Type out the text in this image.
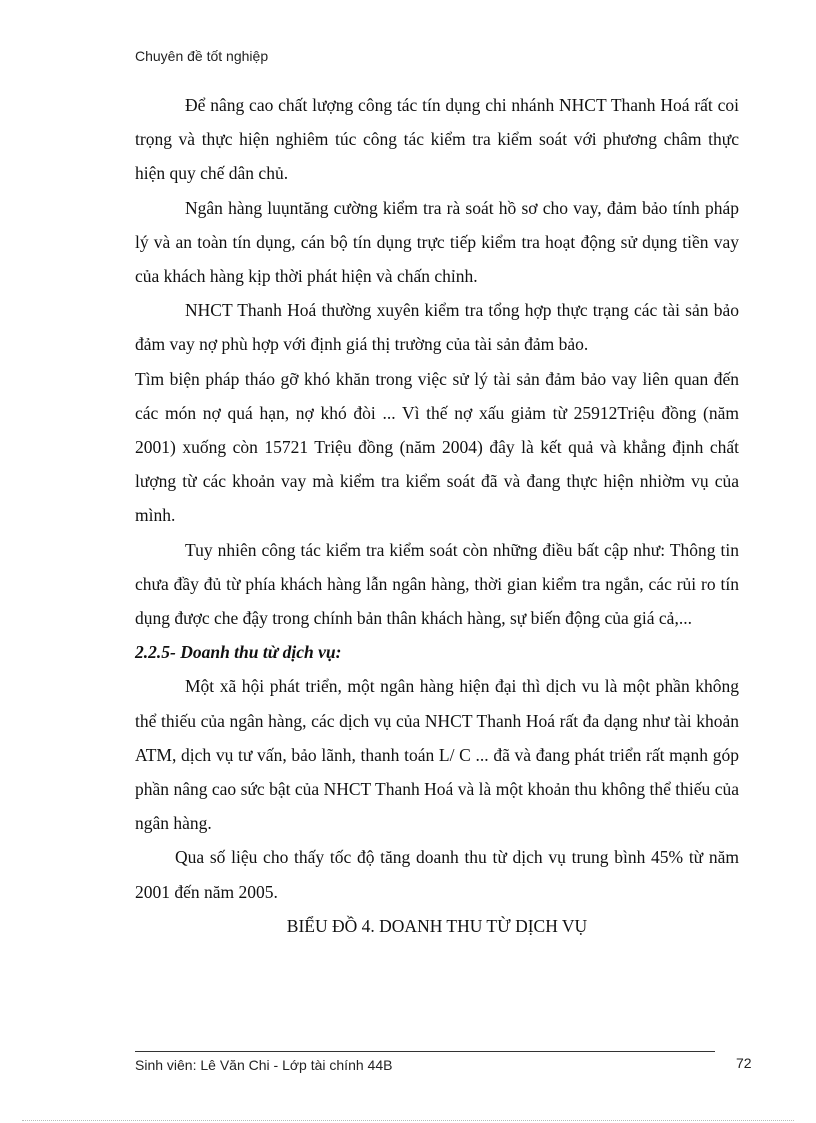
Chuyên đề tốt nghiệp

Để nâng cao chất lượng công tác tín dụng chi nhánh NHCT Thanh Hoá rất coi trọng và thực hiện nghiêm túc công tác kiểm tra kiểm soát với phương châm thực hiện quy chế dân chủ.

Ngân hàng luụntăng cường kiểm tra rà soát hồ sơ cho vay, đảm bảo tính pháp lý và an toàn tín dụng, cán bộ tín dụng trực tiếp kiểm tra hoạt động sử dụng tiền vay của khách hàng kịp thời phát hiện và chấn chỉnh.

NHCT Thanh Hoá thường xuyên kiểm tra tổng hợp thực trạng các tài sản bảo đảm vay nợ phù hợp với định giá thị trường của tài sản đảm bảo.

Tìm biện pháp tháo gỡ khó khăn trong việc sử lý tài sản đảm bảo vay liên quan đến các món nợ quá hạn, nợ khó đòi ... Vì thế nợ xấu giảm từ 25912Triệu đồng (năm 2001) xuống còn 15721 Triệu đồng (năm 2004) đây là kết quả và khẳng định chất lượng từ các khoản vay mà kiểm tra kiểm soát đã và đang thực hiện nhiờm vụ của mình.

Tuy nhiên công tác kiểm tra kiểm soát còn những điều bất cập như: Thông tin chưa đầy đủ từ phía khách hàng lẫn ngân hàng, thời gian kiểm tra ngắn, các rủi ro tín dụng được che đậy trong chính bản thân khách hàng, sự biến động của giá cả,...

2.2.5- Doanh thu từ dịch vụ:

Một xã hội phát triển, một ngân hàng hiện đại thì dịch vu là một phần không thể thiếu của ngân hàng, các dịch vụ của NHCT Thanh Hoá rất đa dạng như tài khoản ATM, dịch vụ tư vấn, bảo lãnh, thanh toán L/ C ... đã và đang phát triển rất mạnh góp phần nâng cao sức bật của NHCT Thanh Hoá và là một khoản thu không thể thiếu của ngân hàng.

Qua số liệu cho thấy tốc độ tăng doanh thu từ dịch vụ trung bình 45% từ năm 2001 đến năm 2005.

BIỂU ĐỒ 4. DOANH THU TỪ DỊCH VỤ

Sinh viên: Lê Văn Chi - Lớp tài chính 44B	72
